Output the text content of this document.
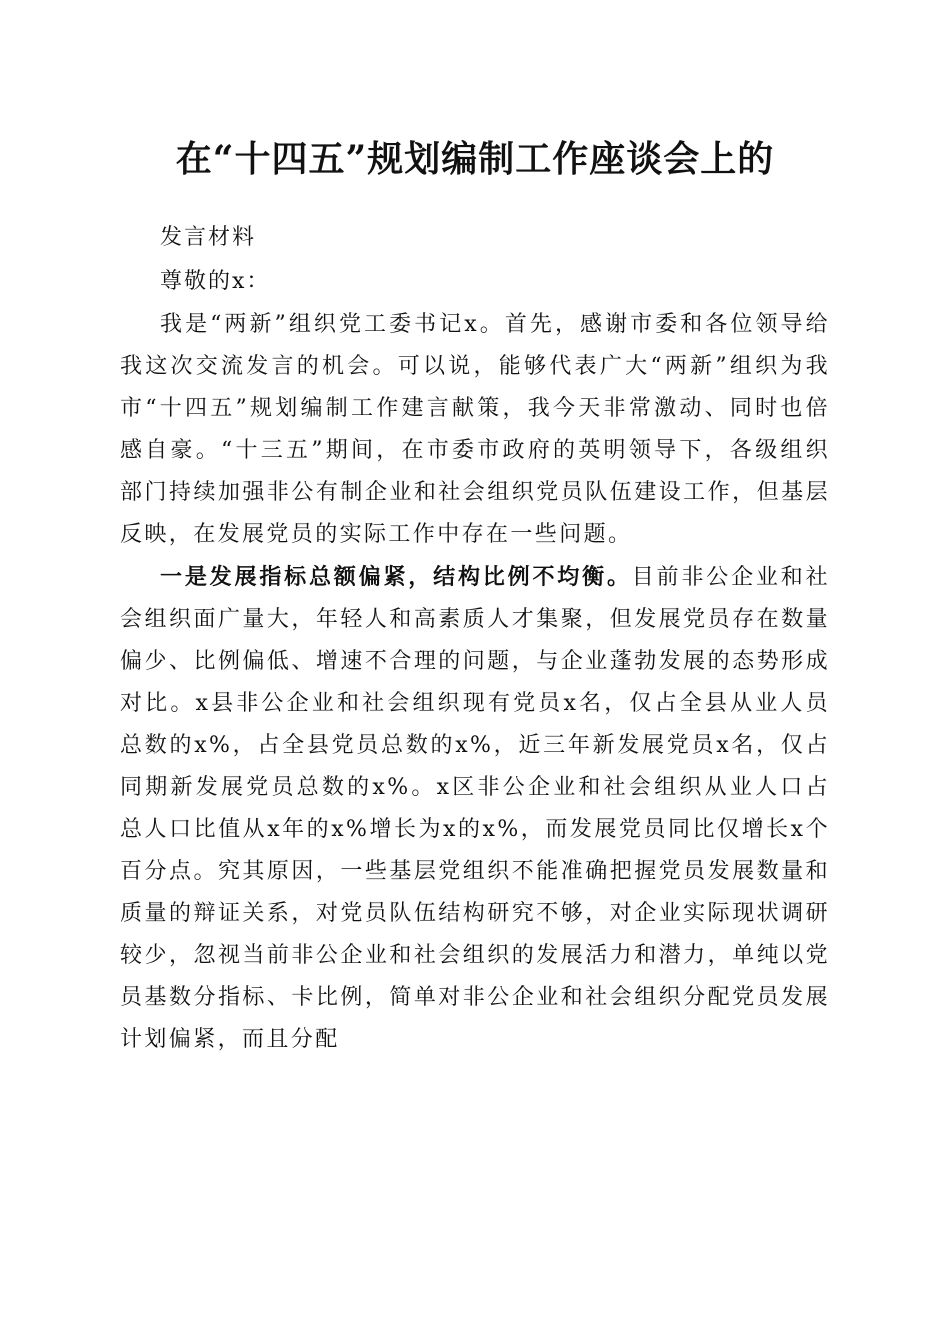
在“十四五”规划编制工作座谈会上的

发言材料

尊敬的x：

我是“两新”组织党工委书记x。首先，感谢市委和各位领导给我这次交流发言的机会。可以说，能够代表广大“两新”组织为我市“十四五”规划编制工作建言献策，我今天非常激动、同时也倍感自豪。“十三五”期间，在市委市政府的英明领导下，各级组织部门持续加强非公有制企业和社会组织党员队伍建设工作，但基层反映，在发展党员的实际工作中存在一些问题。

一是发展指标总额偏紧，结构比例不均衡。目前非公企业和社会组织面广量大，年轻人和高素质人才集聚，但发展党员存在数量偏少、比例偏低、增速不合理的问题，与企业蓬勃发展的态势形成对比。x县非公企业和社会组织现有党员x名，仅占全县从业人员总数的x%，占全县党员总数的x%，近三年新发展党员x名，仅占同期新发展党员总数的x%。x区非公企业和社会组织从业人口占总人口比值从x年的x%增长为x的x%，而发展党员同比仅增长x个百分点。究其原因，一些基层党组织不能准确把握党员发展数量和质量的辩证关系，对党员队伍结构研究不够，对企业实际现状调研较少，忽视当前非公企业和社会组织的发展活力和潜力，单纯以党员基数分指标、卡比例，简单对非公企业和社会组织分配党员发展计划偏紧，而且分配
